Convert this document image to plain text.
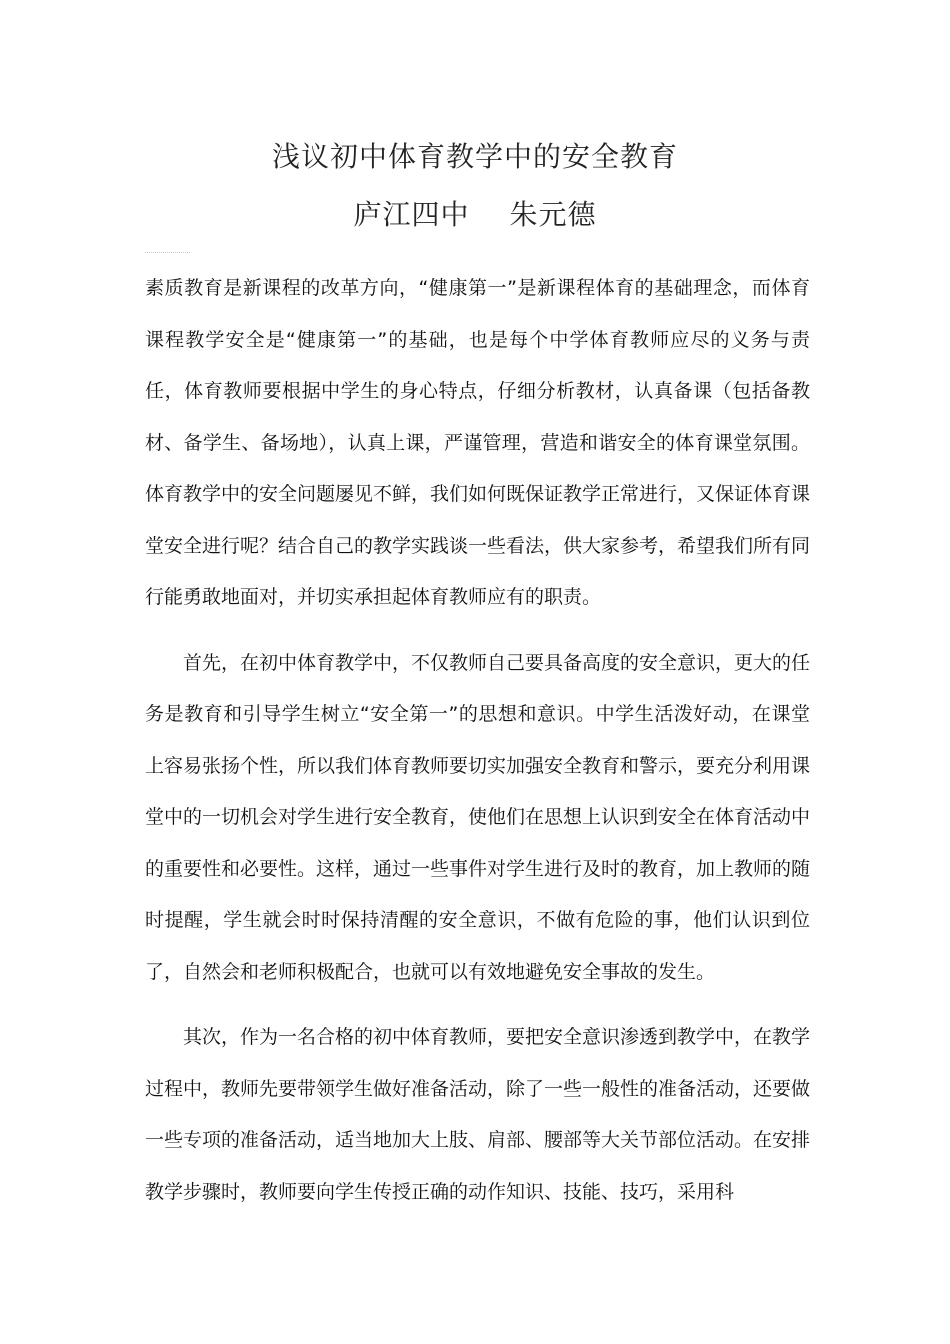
浅议初中体育教学中的安全教育
庐江四中 朱元德

素质教育是新课程的改革方向，“健康第一”是新课程体育的基础理念，而体育课程教学安全是“健康第一”的基础，也是每个中学体育教师应尽的义务与责任，体育教师要根据中学生的身心特点，仔细分析教材，认真备课（包括备教材、备学生、备场地），认真上课，严谨管理，营造和谐安全的体育课堂氛围。体育教学中的安全问题屡见不鲜，我们如何既保证教学正常进行，又保证体育课堂安全进行呢？结合自己的教学实践谈一些看法，供大家参考，希望我们所有同行能勇敢地面对，并切实承担起体育教师应有的职责。

首先，在初中体育教学中，不仅教师自己要具备高度的安全意识，更大的任务是教育和引导学生树立“安全第一”的思想和意识。中学生活泼好动，在课堂上容易张扬个性，所以我们体育教师要切实加强安全教育和警示，要充分利用课堂中的一切机会对学生进行安全教育，使他们在思想上认识到安全在体育活动中的重要性和必要性。这样，通过一些事件对学生进行及时的教育，加上教师的随时提醒，学生就会时时保持清醒的安全意识，不做有危险的事，他们认识到位了，自然会和老师积极配合，也就可以有效地避免安全事故的发生。

其次，作为一名合格的初中体育教师，要把安全意识渗透到教学中，在教学过程中，教师先要带领学生做好准备活动，除了一些一般性的准备活动，还要做一些专项的准备活动，适当地加大上肢、肩部、腰部等大关节部位活动。在安排教学步骤时，教师要向学生传授正确的动作知识、技能、技巧，采用科
